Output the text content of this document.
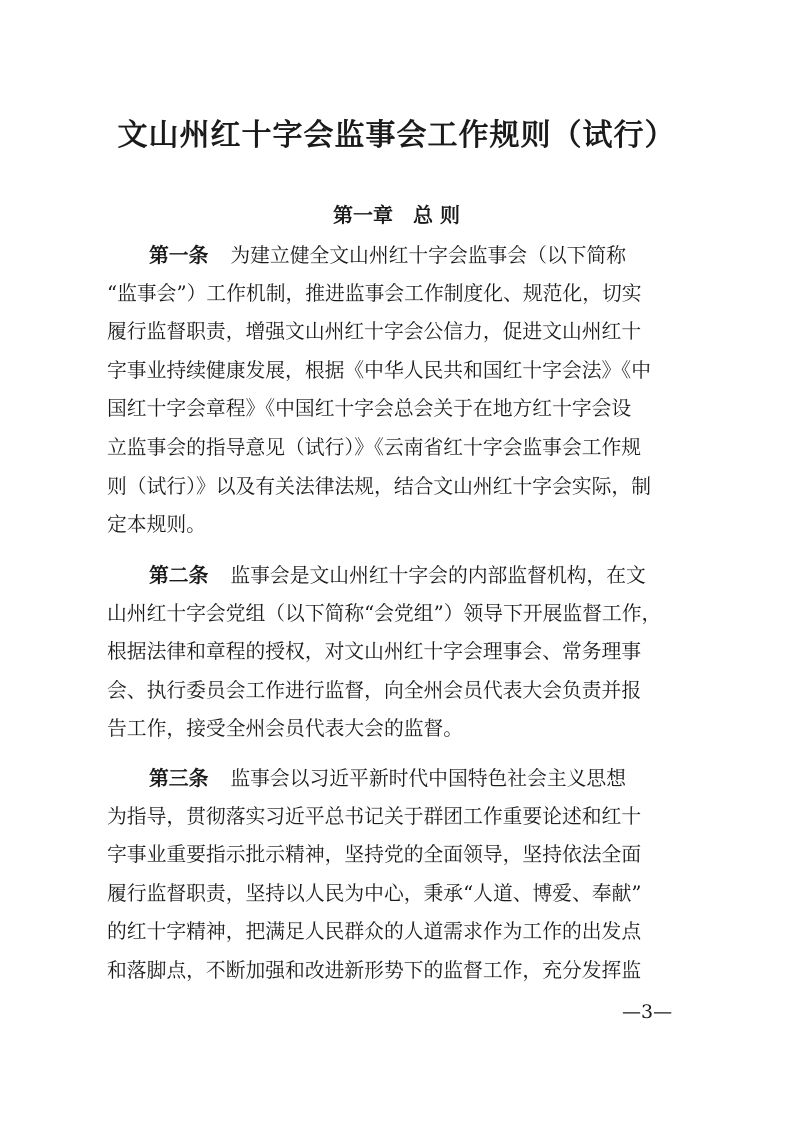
文山州红十字会监事会工作规则（试行）
第一章　总 则
第一条 为建立健全文山州红十字会监事会（以下简称
“监事会”）工作机制，推进监事会工作制度化、规范化，切实
履行监督职责，增强文山州红十字会公信力，促进文山州红十
字事业持续健康发展，根据《中华人民共和国红十字会法》《中
国红十字会章程》《中国红十字会总会关于在地方红十字会设
立监事会的指导意见（试行）》《云南省红十字会监事会工作规
则（试行）》以及有关法律法规，结合文山州红十字会实际，制
定本规则。
第二条 监事会是文山州红十字会的内部监督机构，在文
山州红十字会党组（以下简称“会党组”）领导下开展监督工作，
根据法律和章程的授权，对文山州红十字会理事会、常务理事
会、执行委员会工作进行监督，向全州会员代表大会负责并报
告工作，接受全州会员代表大会的监督。
第三条 监事会以习近平新时代中国特色社会主义思想
为指导，贯彻落实习近平总书记关于群团工作重要论述和红十
字事业重要指示批示精神，坚持党的全面领导，坚持依法全面
履行监督职责，坚持以人民为中心，秉承“人道、博爱、奉献”
的红十字精神，把满足人民群众的人道需求作为工作的出发点
和落脚点，不断加强和改进新形势下的监督工作，充分发挥监
—3—
